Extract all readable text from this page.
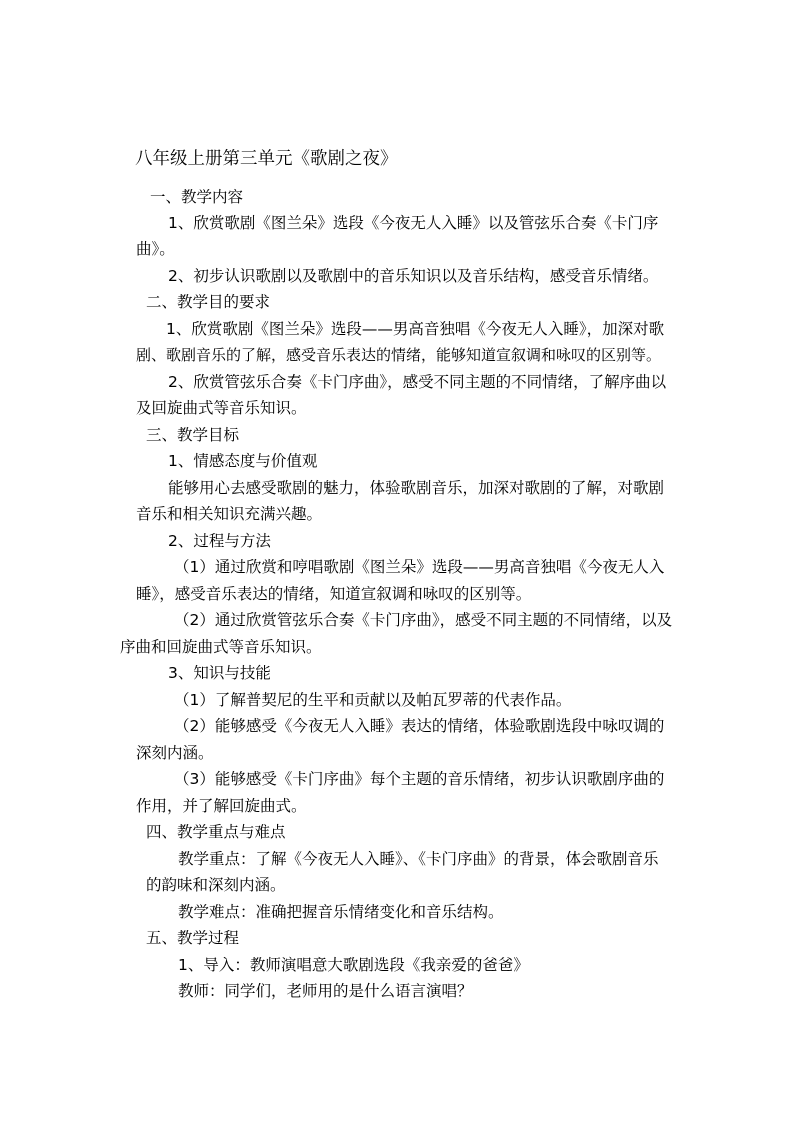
八年级上册第三单元《歌剧之夜》
一、教学内容
1、欣赏歌剧《图兰朵》选段《今夜无人入睡》以及管弦乐合奏《卡门序
曲》。
2、初步认识歌剧以及歌剧中的音乐知识以及音乐结构，感受音乐情绪。
二、教学目的要求
1、欣赏歌剧《图兰朵》选段——男高音独唱《今夜无人入睡》，加深对歌
剧、歌剧音乐的了解，感受音乐表达的情绪，能够知道宣叙调和咏叹的区别等。
2、欣赏管弦乐合奏《卡门序曲》，感受不同主题的不同情绪，了解序曲以
及回旋曲式等音乐知识。
三、教学目标
1、情感态度与价值观
能够用心去感受歌剧的魅力，体验歌剧音乐，加深对歌剧的了解，对歌剧
音乐和相关知识充满兴趣。
2、过程与方法
（1）通过欣赏和哼唱歌剧《图兰朵》选段——男高音独唱《今夜无人入
睡》，感受音乐表达的情绪，知道宣叙调和咏叹的区别等。
（2）通过欣赏管弦乐合奏《卡门序曲》，感受不同主题的不同情绪，以及
序曲和回旋曲式等音乐知识。
3、知识与技能
（1）了解普契尼的生平和贡献以及帕瓦罗蒂的代表作品。
（2）能够感受《今夜无人入睡》表达的情绪，体验歌剧选段中咏叹调的
深刻内涵。
（3）能够感受《卡门序曲》每个主题的音乐情绪，初步认识歌剧序曲的
作用，并了解回旋曲式。
四、教学重点与难点
教学重点：了解《今夜无人入睡》、《卡门序曲》的背景，体会歌剧音乐
的韵味和深刻内涵。
教学难点：准确把握音乐情绪变化和音乐结构。
五、教学过程
1、导入：教师演唱意大歌剧选段《我亲爱的爸爸》
教师：同学们，老师用的是什么语言演唱？
